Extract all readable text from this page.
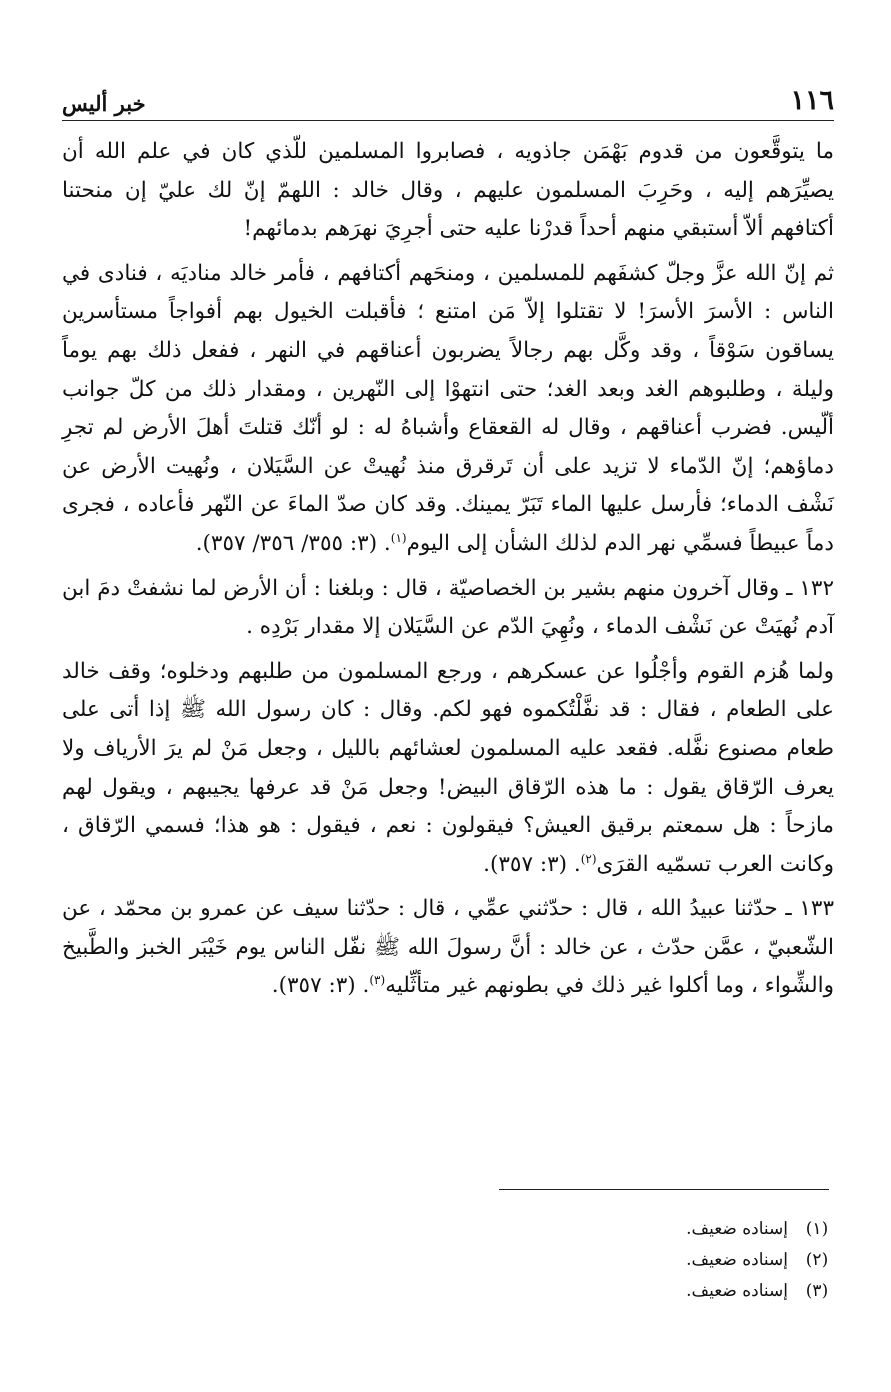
١١٦
خبر أليس

ما يتوقَّعون من قدوم بَهْمَن جاذويه ، فصابروا المسلمين للّذي كان في علم الله أن يصيِّرَهم إليه ، وحَرِبَ المسلمون عليهم ، وقال خالد : اللهمّ إنّ لك عليّ إن منحتنا أكتافهم ألاّ أستبقي منهم أحداً قدرْنا عليه حتى أجرِيَ نهرَهم بدمائهم!

ثم إنّ الله عزَّ وجلّ كشفَهم للمسلمين ، ومنحَهم أكتافهم ، فأمر خالد مناديَه ، فنادى في الناس : الأسرَ الأسرَ! لا تقتلوا إلاّ مَن امتنع ؛ فأقبلت الخيول بهم أفواجاً مستأسرين يساقون سَوْقاً ، وقد وكَّل بهم رجالاً يضربون أعناقهم في النهر ، ففعل ذلك بهم يوماً وليلة ، وطلبوهم الغد وبعد الغد؛ حتى انتهوْا إلى النّهرين ، ومقدار ذلك من كلّ جوانب ألّيس. فضرب أعناقهم ، وقال له القعقاع وأشباهُ له : لو أنّك قتلتَ أهلَ الأرض لم تجرِ دماؤهم؛ إنّ الدّماء لا تزيد على أن تَرقرق منذ نُهيتْ عن السَّيَلان ، ونُهيت الأرض عن نَشْف الدماء؛ فأرسل عليها الماء تَبَرّ يمينك. وقد كان صدّ الماءَ عن النّهر فأعاده ، فجرى دماً عبيطاً فسمِّي نهر الدم لذلك الشأن إلى اليوم$^{(١)}$. (٣: ٣٥٥/ ٣٥٦/ ٣٥٧).

١٣٢ ـ وقال آخرون منهم بشير بن الخصاصيّة ، قال : وبلغنا : أن الأرض لما نشفتْ دمَ ابن آدم نُهيَتْ عن نَشْف الدماء ، ونُهِيَ الدّم عن السَّيَلان إلا مقدار بَرْدِه .

ولما هُزم القوم وأجْلُوا عن عسكرهم ، ورجع المسلمون من طلبهم ودخلوه؛ وقف خالد على الطعام ، فقال : قد نفَّلْتُكموه فهو لكم. وقال : كان رسول الله ﷺ إذا أتى على طعام مصنوع نفَّله. فقعد عليه المسلمون لعشائهم بالليل ، وجعل مَنْ لم يرَ الأرياف ولا يعرف الرّقاق يقول : ما هذه الرّقاق البيض! وجعل مَنْ قد عرفها يجيبهم ، ويقول لهم مازحاً : هل سمعتم برقيق العيش؟ فيقولون : نعم ، فيقول : هو هذا؛ فسمي الرّقاق ، وكانت العرب تسمّيه القرَى$^{(٢)}$. (٣: ٣٥٧).

١٣٣ ـ حدّثنا عبيدُ الله ، قال : حدّثني عمِّي ، قال : حدّثنا سيف عن عمرو بن محمّد ، عن الشّعبيّ ، عمَّن حدّث ، عن خالد : أنَّ رسولَ الله ﷺ نفّل الناس يوم خَيْبَر الخبز والطَّبيخ والشِّواء ، وما أكلوا غير ذلك في بطونهم غير متأثِّليه$^{(٣)}$. (٣: ٣٥٧).

(١)
إسناده ضعيف.
(٢)
إسناده ضعيف.
(٣)
إسناده ضعيف.
